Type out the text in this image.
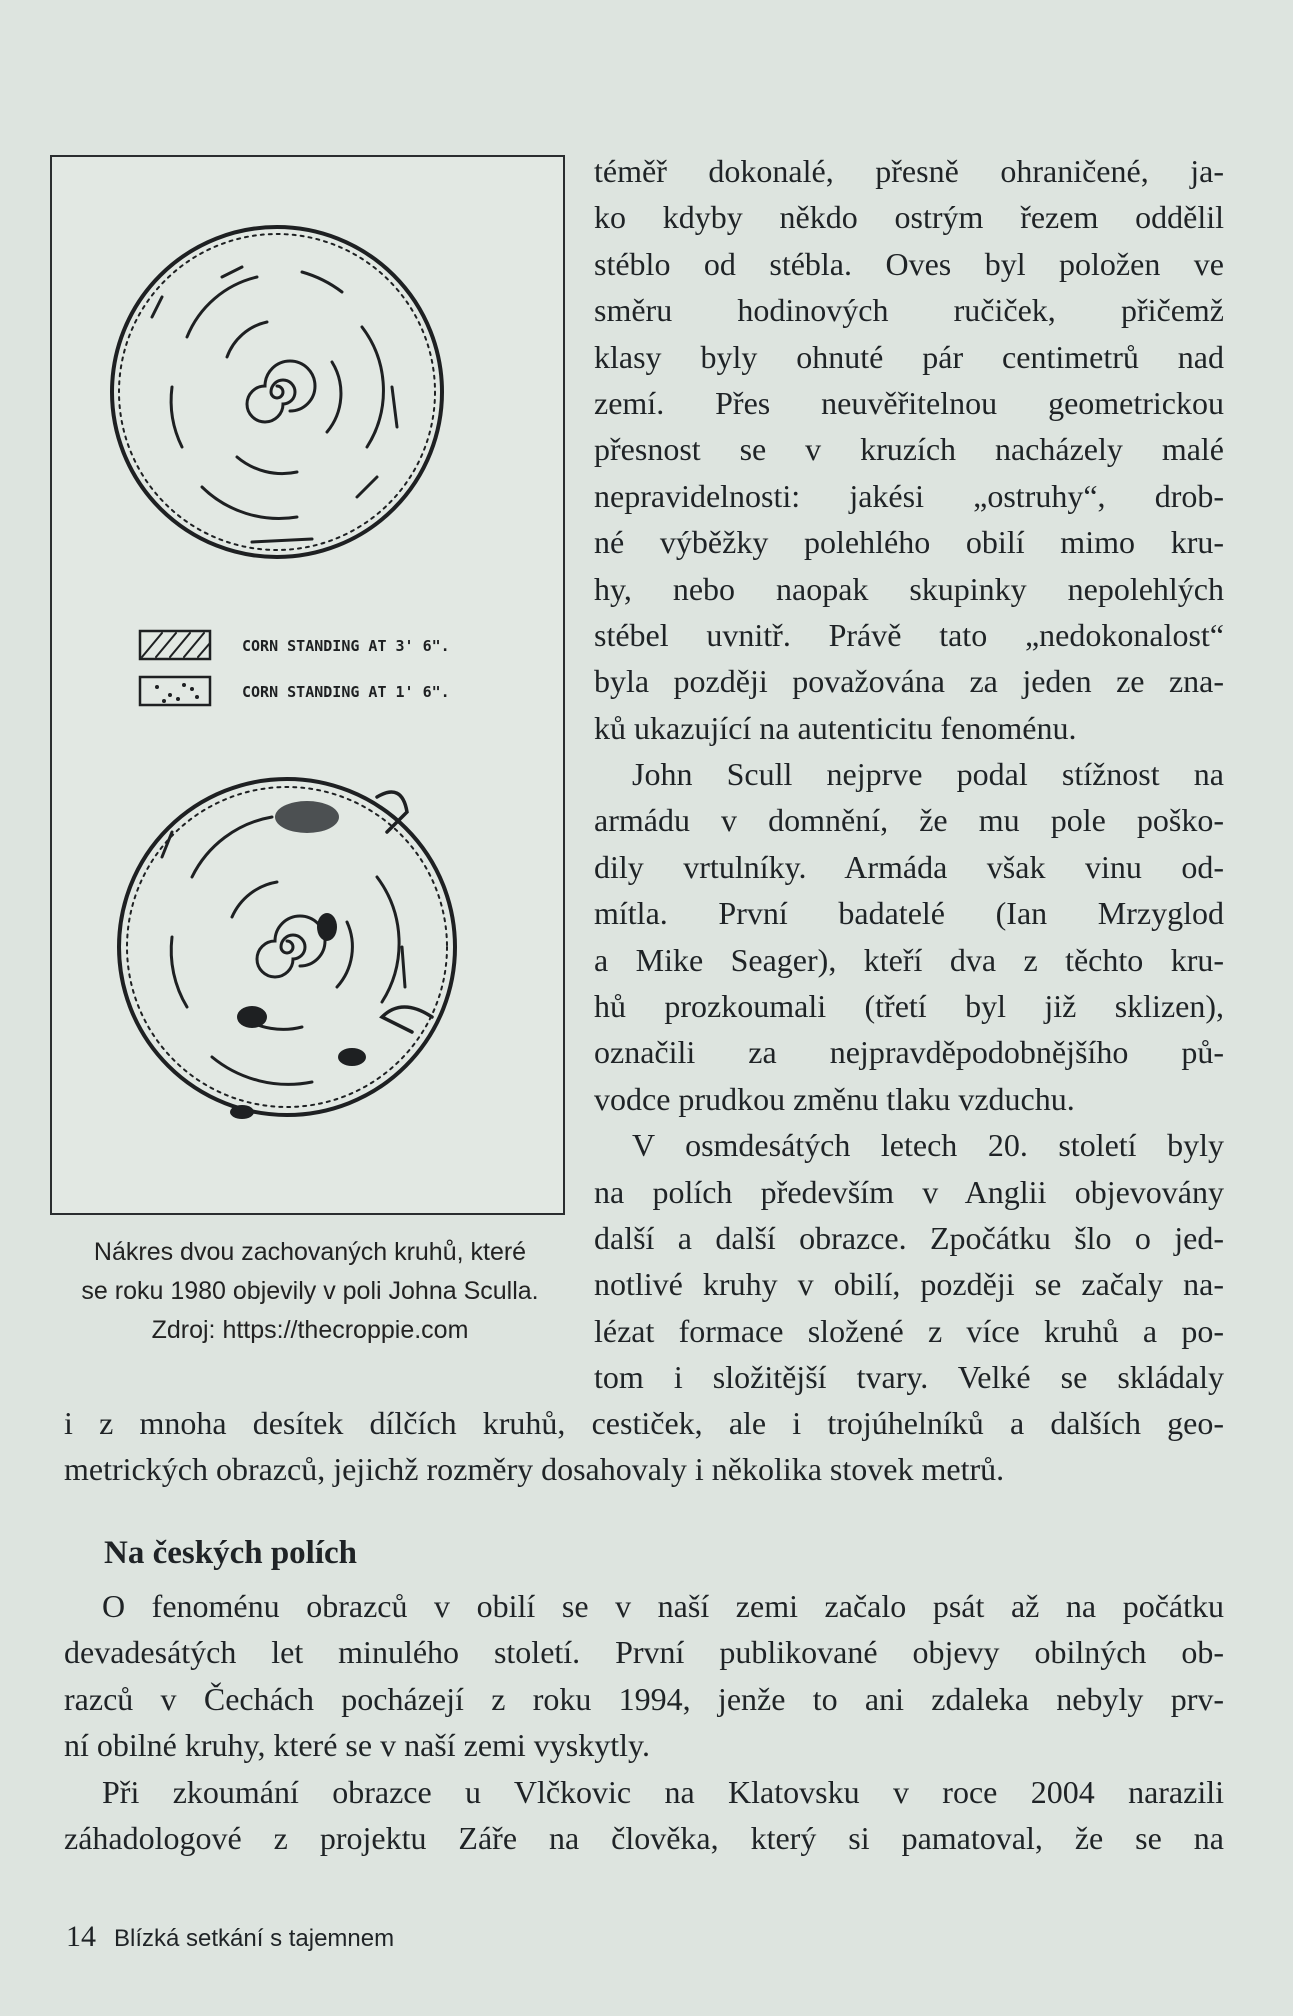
CORN STANDING AT 3' 6".
CORN STANDING AT 1' 6".
Nákres dvou zachovaných kruhů, které
se roku 1980 objevily v poli Johna Sculla.
Zdroj: https://thecroppie.com
téměř dokonalé, přesně ohraničené, ja-
ko kdyby někdo ostrým řezem oddělil
stéblo od stébla. Oves byl položen ve
směru hodinových ručiček, přičemž
klasy byly ohnuté pár centimetrů nad
zemí. Přes neuvěřitelnou geometrickou
přesnost se v kruzích nacházely malé
nepravidelnosti: jakési „ostruhy“, drob-
né výběžky polehlého obilí mimo kru-
hy, nebo naopak skupinky nepolehlých
stébel uvnitř. Právě tato „nedokonalost“
byla později považována za jeden ze zna-
ků ukazující na autenticitu fenoménu.
John Scull nejprve podal stížnost na
armádu v domnění, že mu pole poško-
dily vrtulníky. Armáda však vinu od-
mítla. První badatelé (Ian Mrzyglod
a Mike Seager), kteří dva z těchto kru-
hů prozkoumali (třetí byl již sklizen),
označili za nejpravděpodobnějšího pů-
vodce prudkou změnu tlaku vzduchu.
V osmdesátých letech 20. století byly
na polích především v Anglii objevovány
další a další obrazce. Zpočátku šlo o jed-
notlivé kruhy v obilí, později se začaly na-
lézat formace složené z více kruhů a po-
tom i složitější tvary. Velké se skládaly
i z mnoha desítek dílčích kruhů, cestiček, ale i trojúhelníků a dalších geo-
metrických obrazců, jejichž rozměry dosahovaly i několika stovek metrů.
Na českých polích
O fenoménu obrazců v obilí se v naší zemi začalo psát až na počátku
devadesátých let minulého století. První publikované objevy obilných ob-
razců v Čechách pocházejí z roku 1994, jenže to ani zdaleka nebyly prv-
ní obilné kruhy, které se v naší zemi vyskytly.
Při zkoumání obrazce u Vlčkovic na Klatovsku v roce 2004 narazili
záhadologové z projektu Záře na člověka, který si pamatoval, že se na
14 Blízká setkání s tajemnem
